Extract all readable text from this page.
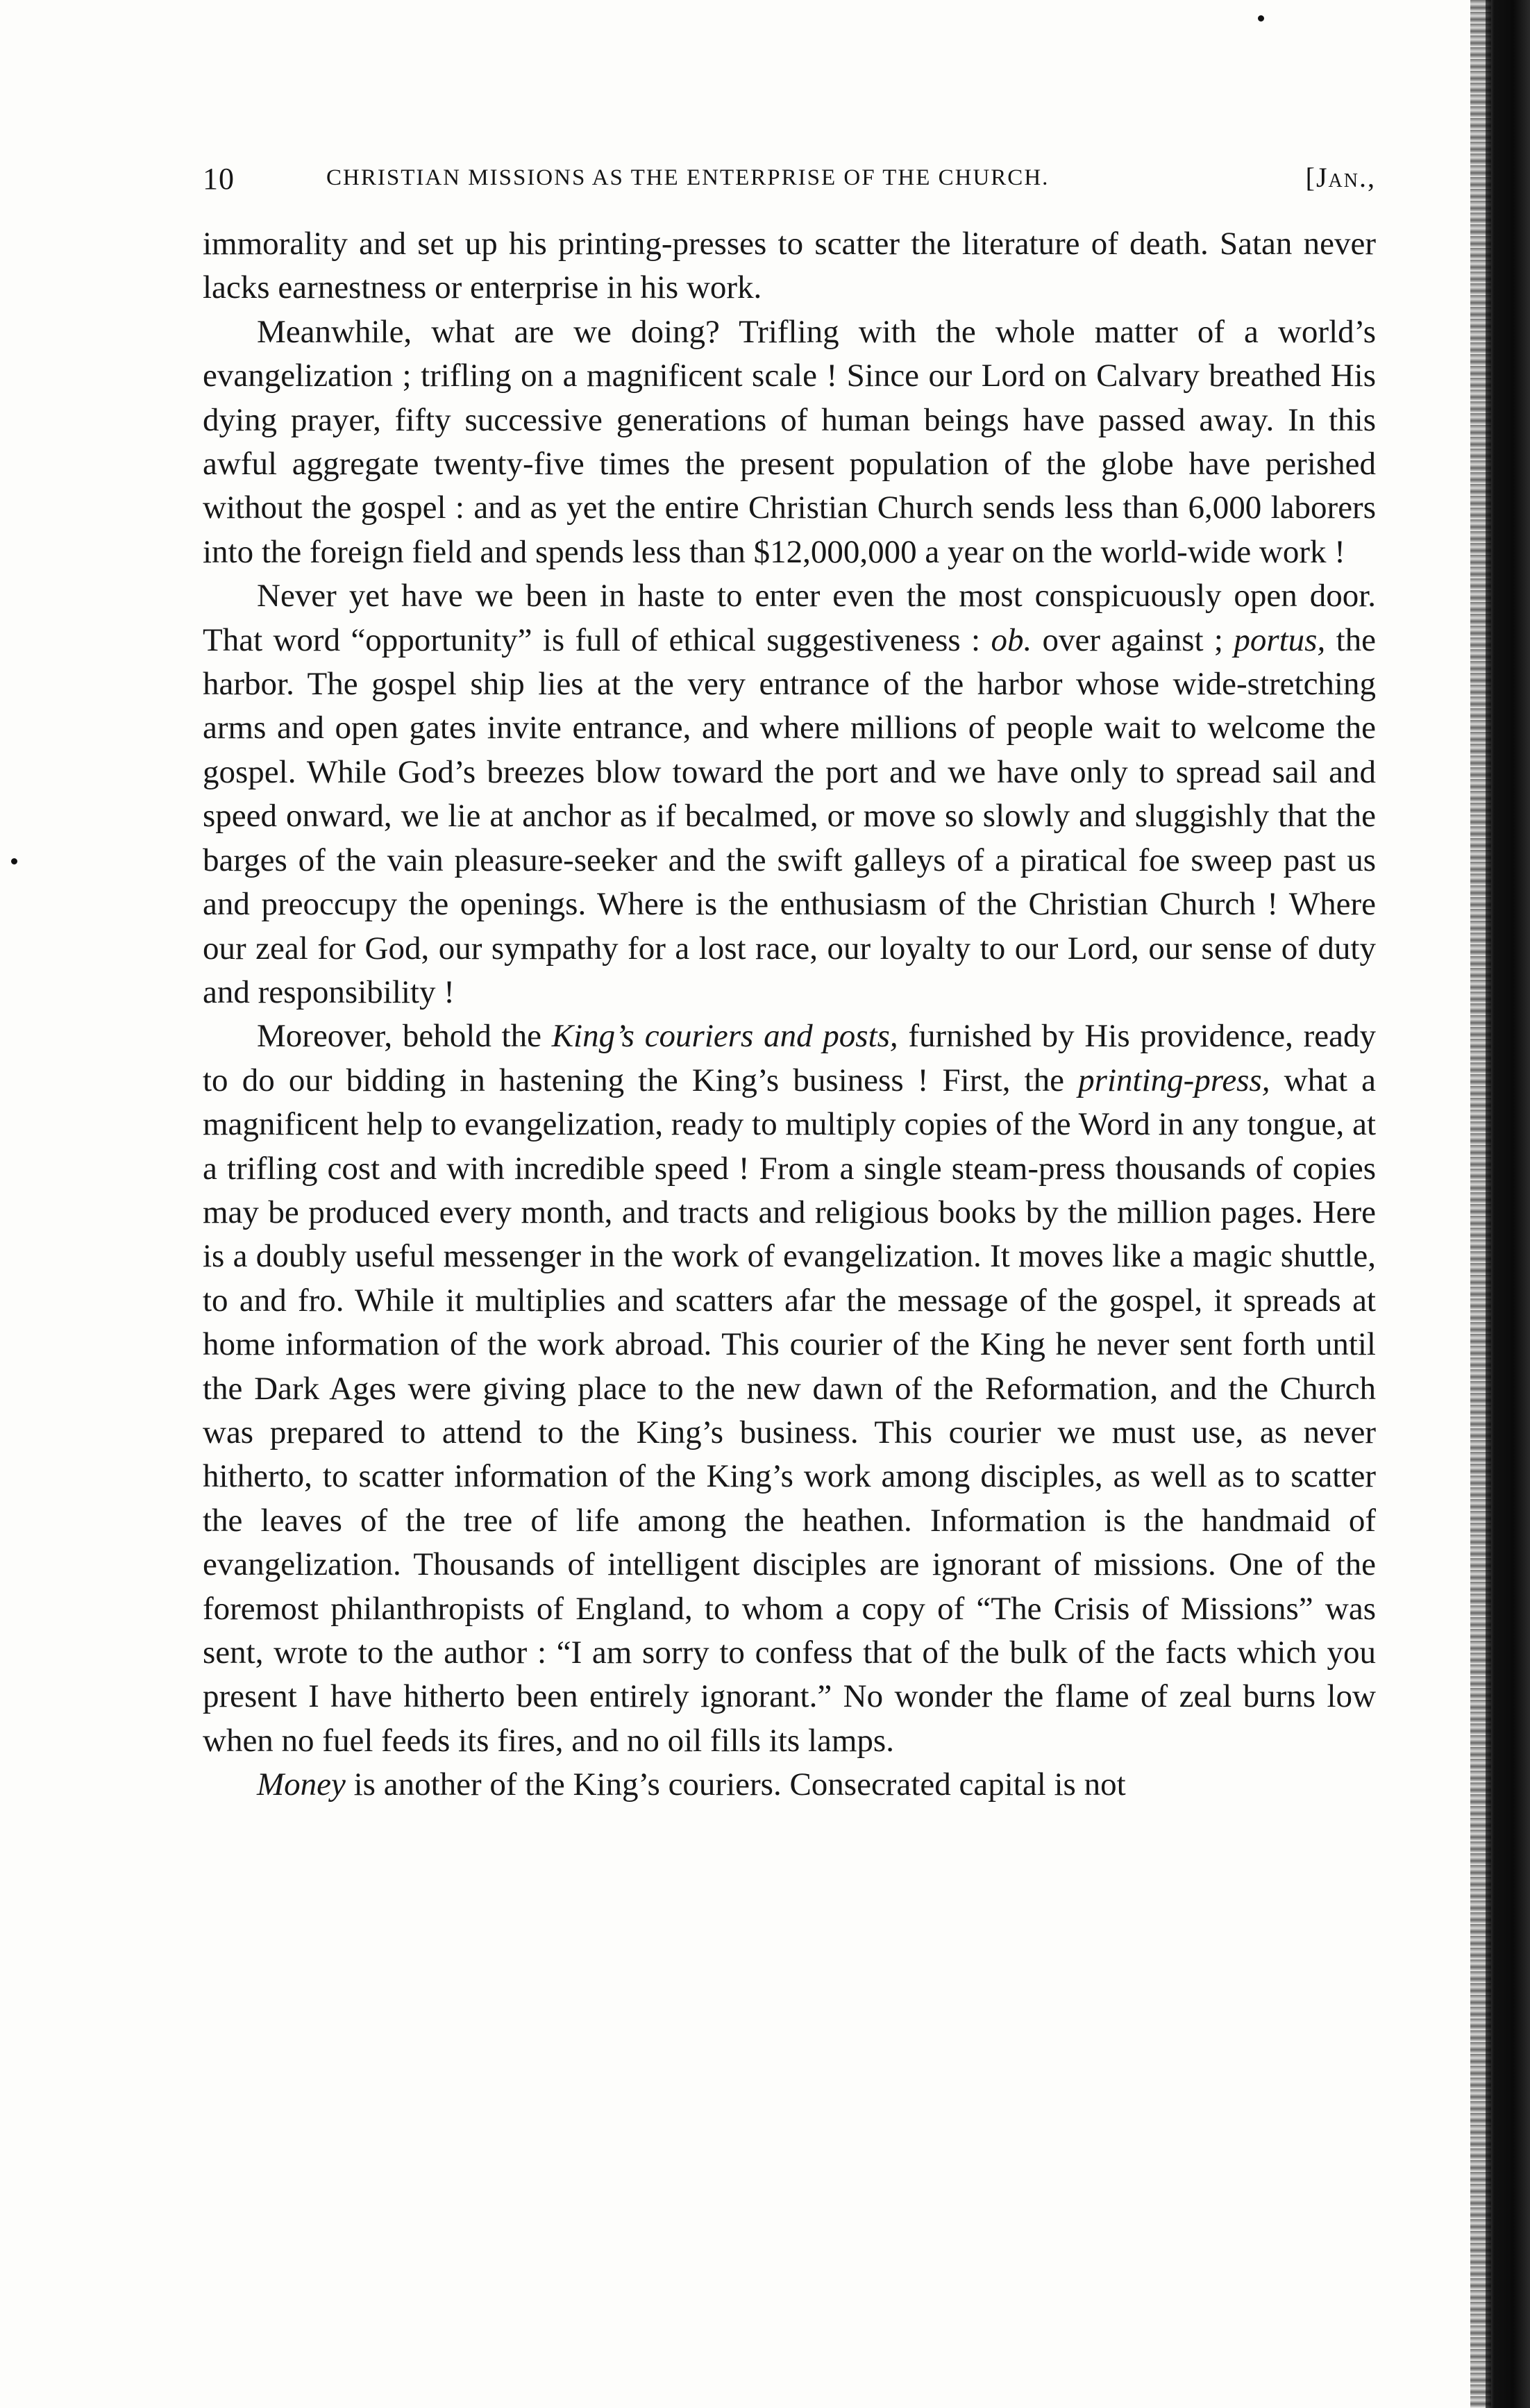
10	CHRISTIAN MISSIONS AS THE ENTERPRISE OF THE CHURCH.	[Jan.,

immorality and set up his printing-presses to scatter the literature of death. Satan never lacks earnestness or enterprise in his work.

Meanwhile, what are we doing? Trifling with the whole matter of a world’s evangelization ; trifling on a magnificent scale ! Since our Lord on Calvary breathed His dying prayer, fifty successive generations of human beings have passed away. In this awful aggregate twenty-five times the present population of the globe have perished without the gospel : and as yet the entire Christian Church sends less than 6,000 laborers into the foreign field and spends less than $12,000,000 a year on the world-wide work !

Never yet have we been in haste to enter even the most conspicuously open door. That word “opportunity” is full of ethical suggestiveness : ob. over against ; portus, the harbor. The gospel ship lies at the very entrance of the harbor whose wide-stretching arms and open gates invite entrance, and where millions of people wait to welcome the gospel. While God’s breezes blow toward the port and we have only to spread sail and speed onward, we lie at anchor as if becalmed, or move so slowly and sluggishly that the barges of the vain pleasure-seeker and the swift galleys of a piratical foe sweep past us and preoccupy the openings. Where is the enthusiasm of the Christian Church ! Where our zeal for God, our sympathy for a lost race, our loyalty to our Lord, our sense of duty and responsibility !

Moreover, behold the King’s couriers and posts, furnished by His providence, ready to do our bidding in hastening the King’s business ! First, the printing-press, what a magnificent help to evangelization, ready to multiply copies of the Word in any tongue, at a trifling cost and with incredible speed ! From a single steam-press thousands of copies may be produced every month, and tracts and religious books by the million pages. Here is a doubly useful messenger in the work of evangelization. It moves like a magic shuttle, to and fro. While it multiplies and scatters afar the message of the gospel, it spreads at home information of the work abroad. This courier of the King he never sent forth until the Dark Ages were giving place to the new dawn of the Reformation, and the Church was prepared to attend to the King’s business. This courier we must use, as never hitherto, to scatter information of the King’s work among disciples, as well as to scatter the leaves of the tree of life among the heathen. Information is the handmaid of evangelization. Thousands of intelligent disciples are ignorant of missions. One of the foremost philanthropists of England, to whom a copy of “The Crisis of Missions” was sent, wrote to the author : “I am sorry to confess that of the bulk of the facts which you present I have hitherto been entirely ignorant.” No wonder the flame of zeal burns low when no fuel feeds its fires, and no oil fills its lamps.

Money is another of the King’s couriers. Consecrated capital is not
